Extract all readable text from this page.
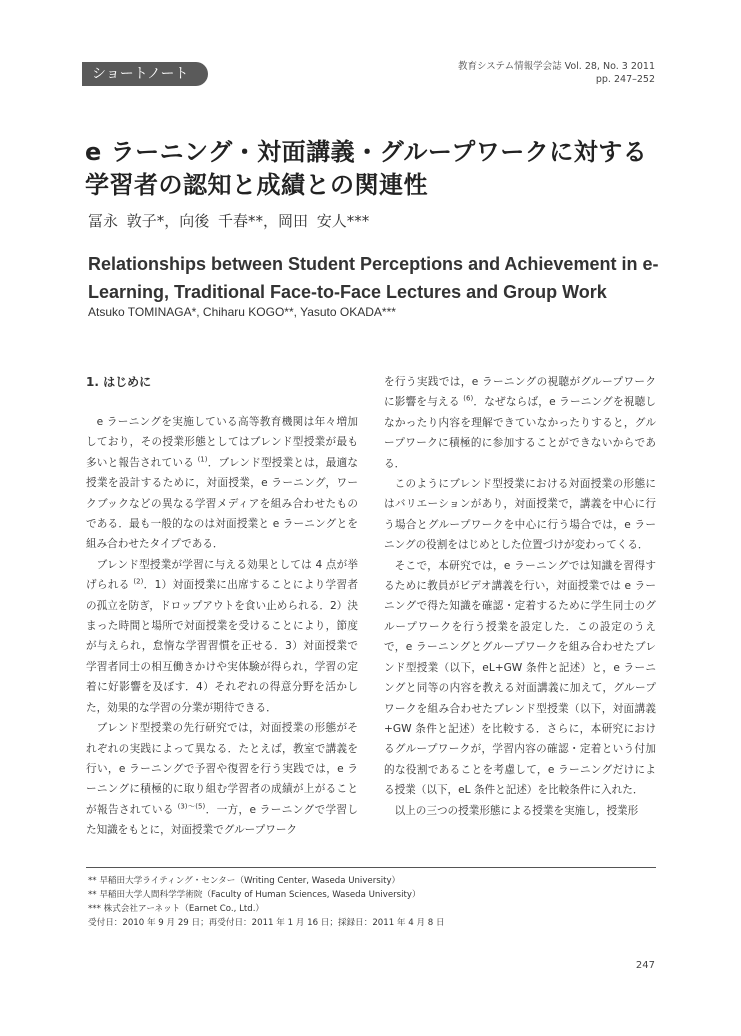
ショートノート	教育システム情報学会誌 Vol. 28, No. 3 2011
pp. 247–252
e ラーニング・対面講義・グループワークに対する学習者の認知と成績との関連性
冨永 敦子*，向後 千春**，岡田 安人***
Relationships between Student Perceptions and Achievement in e-Learning, Traditional Face-to-Face Lectures and Group Work
Atsuko TOMINAGA*, Chiharu KOGO**, Yasuto OKADA***
1. はじめに

e ラーニングを実施している高等教育機関は年々増加しており，その授業形態としてはブレンド型授業が最も多いと報告されている $^{(1)}$．ブレンド型授業とは，最適な授業を設計するために，対面授業，e ラーニング，ワークブックなどの異なる学習メディアを組み合わせたものである．最も一般的なのは対面授業と e ラーニングとを組み合わせたタイプである．

ブレンド型授業が学習に与える効果としては 4 点が挙げられる $^{(2)}$．1）対面授業に出席することにより学習者の孤立を防ぎ，ドロップアウトを食い止められる．2）決まった時間と場所で対面授業を受けることにより，節度が与えられ，怠惰な学習習慣を正せる．3）対面授業で学習者同士の相互働きかけや実体験が得られ，学習の定着に好影響を及ぼす．4）それぞれの得意分野を活かした，効果的な学習の分業が期待できる．

ブレンド型授業の先行研究では，対面授業の形態がそれぞれの実践によって異なる．たとえば，教室で講義を行い，e ラーニングで予習や復習を行う実践では，e ラーニングに積極的に取り組む学習者の成績が上がることが報告されている $^{(3)〜(5)}$．一方，e ラーニングで学習した知識をもとに，対面授業でグループワーク

を行う実践では，e ラーニングの視聴がグループワークに影響を与える $^{(6)}$．なぜならば，e ラーニングを視聴しなかったり内容を理解できていなかったりすると，グループワークに積極的に参加することができないからである．

このようにブレンド型授業における対面授業の形態にはバリエーションがあり，対面授業で，講義を中心に行う場合とグループワークを中心に行う場合では，e ラーニングの役割をはじめとした位置づけが変わってくる．

そこで，本研究では，e ラーニングでは知識を習得するために教員がビデオ講義を行い，対面授業では e ラーニングで得た知識を確認・定着するために学生同士のグループワークを行う授業を設定した．この設定のうえで，e ラーニングとグループワークを組み合わせたブレンド型授業（以下，eL+GW 条件と記述）と，e ラーニングと同等の内容を教える対面講義に加えて，グループワークを組み合わせたブレンド型授業（以下，対面講義 +GW 条件と記述）を比較する．さらに，本研究におけるグループワークが，学習内容の確認・定着という付加的な役割であることを考慮して，e ラーニングだけによる授業（以下，eL 条件と記述）を比較条件に入れた．

以上の三つの授業形態による授業を実施し，授業形

** 早稲田大学ライティング・センター（Writing Center, Waseda University）
** 早稲田大学人間科学学術院（Faculty of Human Sciences, Waseda University）
*** 株式会社アーネット（Earnet Co., Ltd.）
受付日：2010 年 9 月 29 日；再受付日：2011 年 1 月 16 日；採録日：2011 年 4 月 8 日
247
